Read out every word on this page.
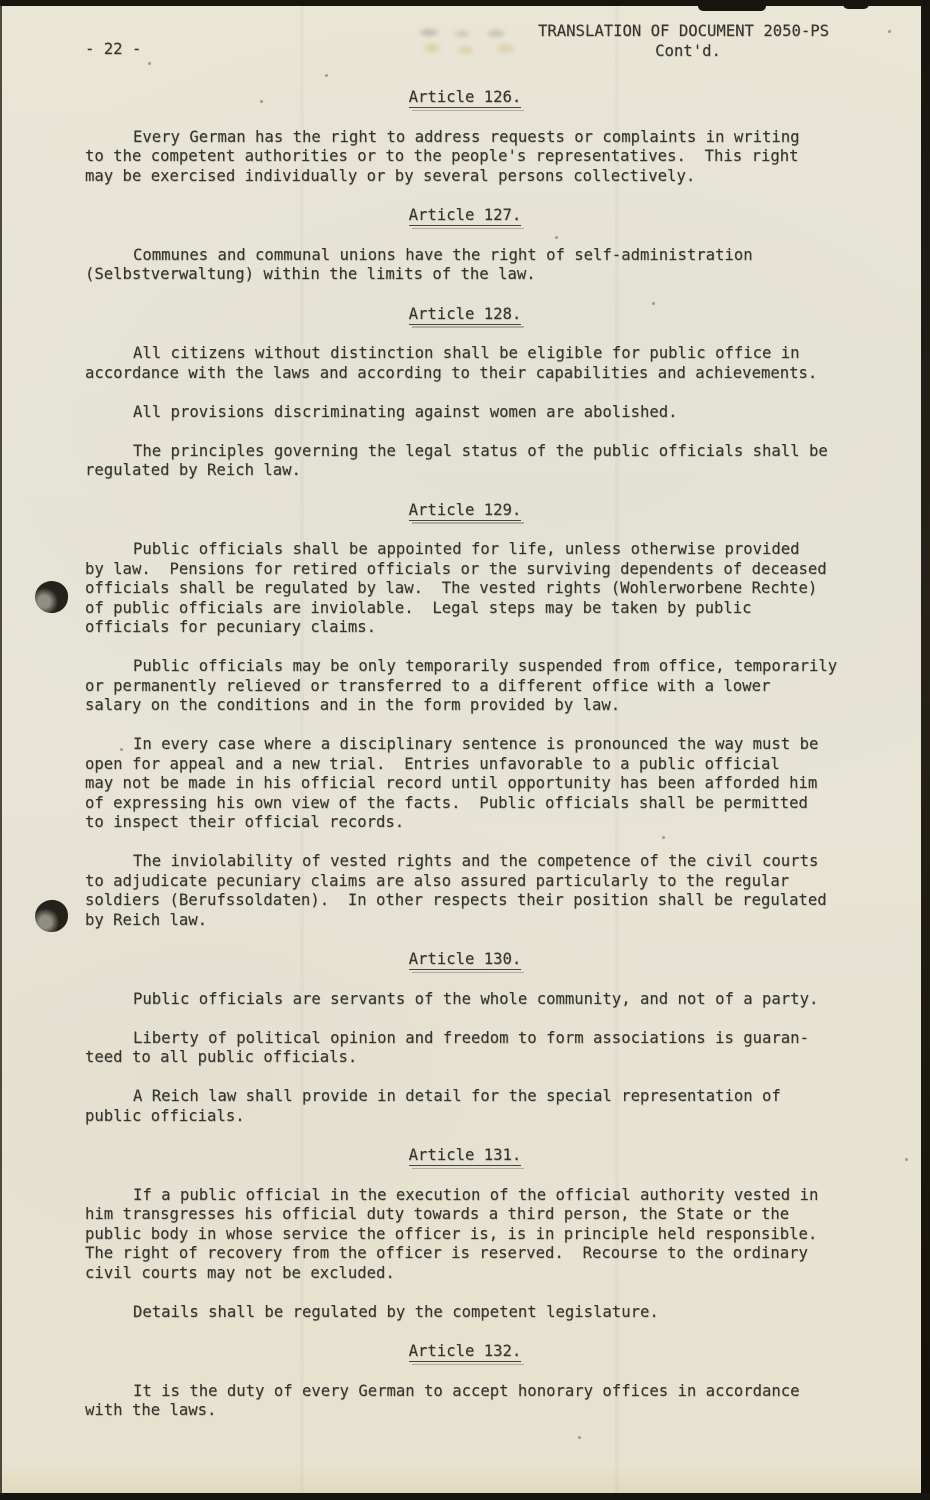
- 22 -
TRANSLATION OF DOCUMENT 2050-PS
Cont'd.
Article 126.

Every German has the right to address requests or complaints in writing
to the competent authorities or to the people's representatives.  This right
may be exercised individually or by several persons collectively.

Article 127.

Communes and communal unions have the right of self-administration
(Selbstverwaltung) within the limits of the law.

Article 128.

All citizens without distinction shall be eligible for public office in
accordance with the laws and according to their capabilities and achievements.

All provisions discriminating against women are abolished.

The principles governing the legal status of the public officials shall be
regulated by Reich law.

Article 129.

Public officials shall be appointed for life, unless otherwise provided
by law.  Pensions for retired officials or the surviving dependents of deceased
officials shall be regulated by law.  The vested rights (Wohlerworbene Rechte)
of public officials are inviolable.  Legal steps may be taken by public
officials for pecuniary claims.

Public officials may be only temporarily suspended from office, temporarily
or permanently relieved or transferred to a different office with a lower
salary on the conditions and in the form provided by law.

In every case where a disciplinary sentence is pronounced the way must be
open for appeal and a new trial.  Entries unfavorable to a public official
may not be made in his official record until opportunity has been afforded him
of expressing his own view of the facts.  Public officials shall be permitted
to inspect their official records.

The inviolability of vested rights and the competence of the civil courts
to adjudicate pecuniary claims are also assured particularly to the regular
soldiers (Berufssoldaten).  In other respects their position shall be regulated
by Reich law.

Article 130.

Public officials are servants of the whole community, and not of a party.

Liberty of political opinion and freedom to form associations is guaran-
teed to all public officials.

A Reich law shall provide in detail for the special representation of
public officials.

Article 131.

If a public official in the execution of the official authority vested in
him transgresses his official duty towards a third person, the State or the
public body in whose service the officer is, is in principle held responsible.
The right of recovery from the officer is reserved.  Recourse to the ordinary
civil courts may not be excluded.

Details shall be regulated by the competent legislature.

Article 132.

It is the duty of every German to accept honorary offices in accordance
with the laws.
